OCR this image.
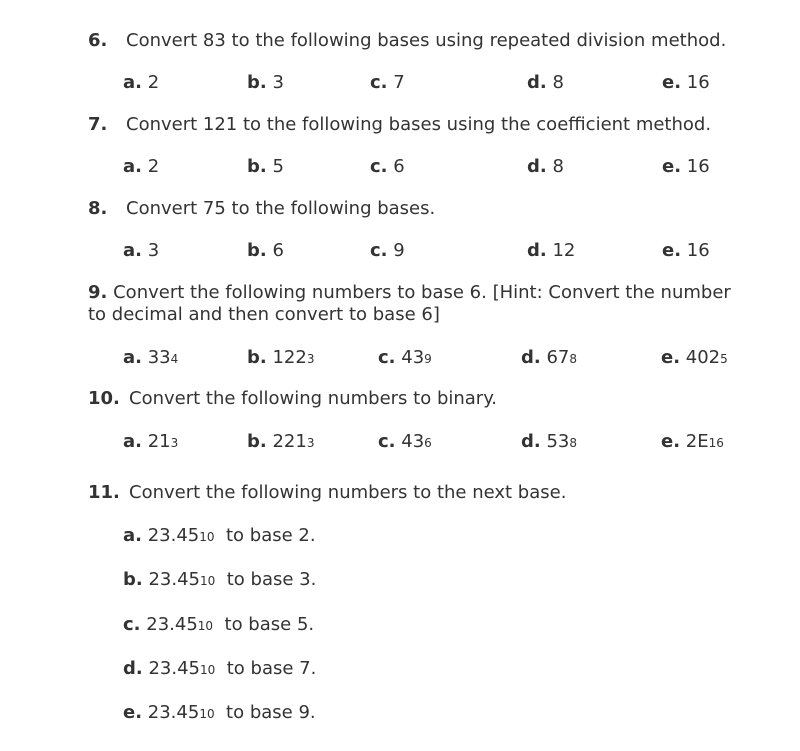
6. Convert 83 to the following bases using repeated division method.
a. 2	b. 3	c. 7	d. 8	e. 16
7. Convert 121 to the following bases using the coefficient method.
a. 2	b. 5	c. 6	d. 8	e. 16
8. Convert 75 to the following bases.
a. 3	b. 6	c. 9	d. 12	e. 16
9. Convert the following numbers to base 6. [Hint: Convert the number to decimal and then convert to base 6]
a. 334	b. 1223	c. 439	d. 678	e. 4025
10. Convert the following numbers to binary.
a. 213	b. 2213	c. 436	d. 538	e. 2E16
11. Convert the following numbers to the next base.
a. 23.4510 to base 2.
b. 23.4510 to base 3.
c. 23.4510 to base 5.
d. 23.4510 to base 7.
e. 23.4510 to base 9.
